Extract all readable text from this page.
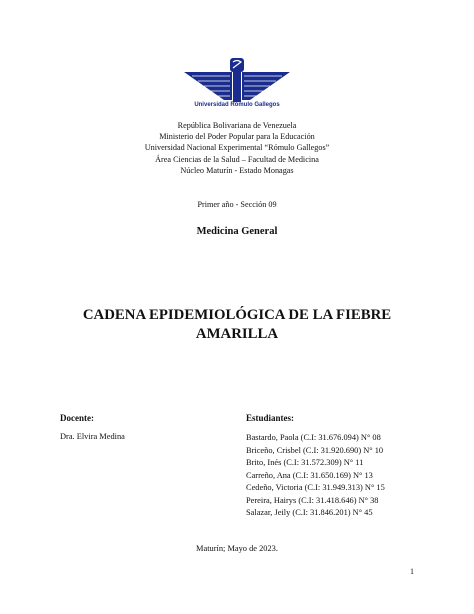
Universidad Rómulo Gallegos
República Bolivariana de Venezuela
Ministerio del Poder Popular para la Educación
Universidad Nacional Experimental “Rómulo Gallegos”
Área Ciencias de la Salud – Facultad de Medicina
Núcleo Maturín - Estado Monagas
Primer año - Sección 09
Medicina General
CADENA EPIDEMIOLÓGICA DE LA FIEBRE
AMARILLA
Docente:
Dra. Elvira Medina
Estudiantes:
Bastardo, Paola (C.I: 31.676.094) N° 08
Briceño, Crisbel (C.I: 31.920.690) N° 10
Brito, Inés (C.I: 31.572.309) N° 11
Carreño, Ana (C.I: 31.650.169) N° 13
Cedeño, Victoria (C.I: 31.949.313) N° 15
Pereira, Hairys (C.I: 31.418.646) N° 38
Salazar, Jeily (C.I: 31.846.201) N° 45
Maturín; Mayo de 2023.
1
